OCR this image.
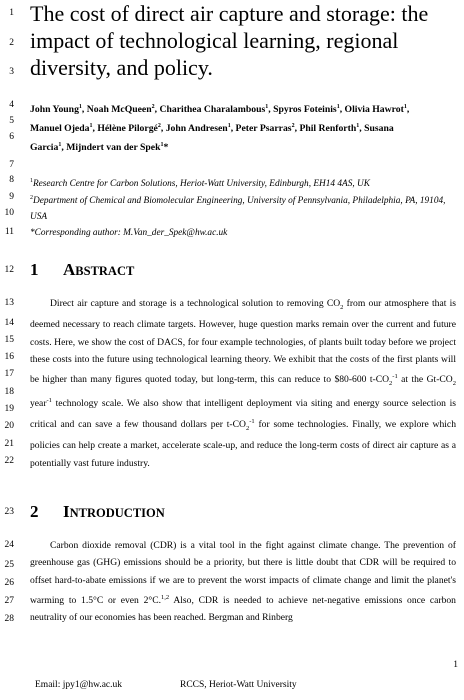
1
2
3
4
5
6
7
8
9
10
11
12
13
14
15
16
17
18
19
20
21
22
23
24
25
26
27
28
The cost of direct air capture and storage: the impact of technological learning, regional diversity, and policy.
John Young$^1$, Noah McQueen$^2$, Charithea Charalambous$^1$, Spyros Foteinis$^1$, Olivia Hawrot$^1$,
Manuel Ojeda$^1$, Hélène Pilorgé$^2$, John Andresen$^1$, Peter Psarras$^2$, Phil Renforth$^1$, Susana
Garcia$^1$, Mijndert van der Spek$^1$*
$^1$Research Centre for Carbon Solutions, Heriot-Watt University, Edinburgh, EH14 4AS, UK
$^2$Department of Chemical and Biomolecular Engineering, University of Pennsylvania, Philadelphia, PA, 19104,
USA
*Corresponding author: M.Van_der_Spek@hw.ac.uk
1 ABSTRACT
Direct air capture and storage is a technological solution to removing $CO_2$ from our atmosphere that is deemed necessary to reach climate targets. However, huge question marks remain over the current and future costs. Here, we show the cost of DACS, for four example technologies, of plants built today before we project these costs into the future using technological learning theory. We exhibit that the costs of the first plants will be higher than many figures quoted today, but long-term, this can reduce to $80-600 $t-CO_2^{-1}$ at the $Gt-CO_2$ year$^{-1}$ technology scale. We also show that intelligent deployment via siting and energy source selection is critical and can save a few thousand dollars per $t-CO_2^{-1}$ for some technologies. Finally, we explore which policies can help create a market, accelerate scale-up, and reduce the long-term costs of direct air capture as a potentially vast future industry.
2 INTRODUCTION
Carbon dioxide removal (CDR) is a vital tool in the fight against climate change. The prevention of greenhouse gas (GHG) emissions should be a priority, but there is little doubt that CDR will be required to offset hard-to-abate emissions if we are to prevent the worst impacts of climate change and limit the planet's warming to 1.5°C or even 2°C.$^{1,2}$ Also, CDR is needed to achieve net-negative emissions once carbon neutrality of our economies has been reached. Bergman and Rinberg
1
Email: jpy1@hw.ac.uk	RCCS, Heriot-Watt University
